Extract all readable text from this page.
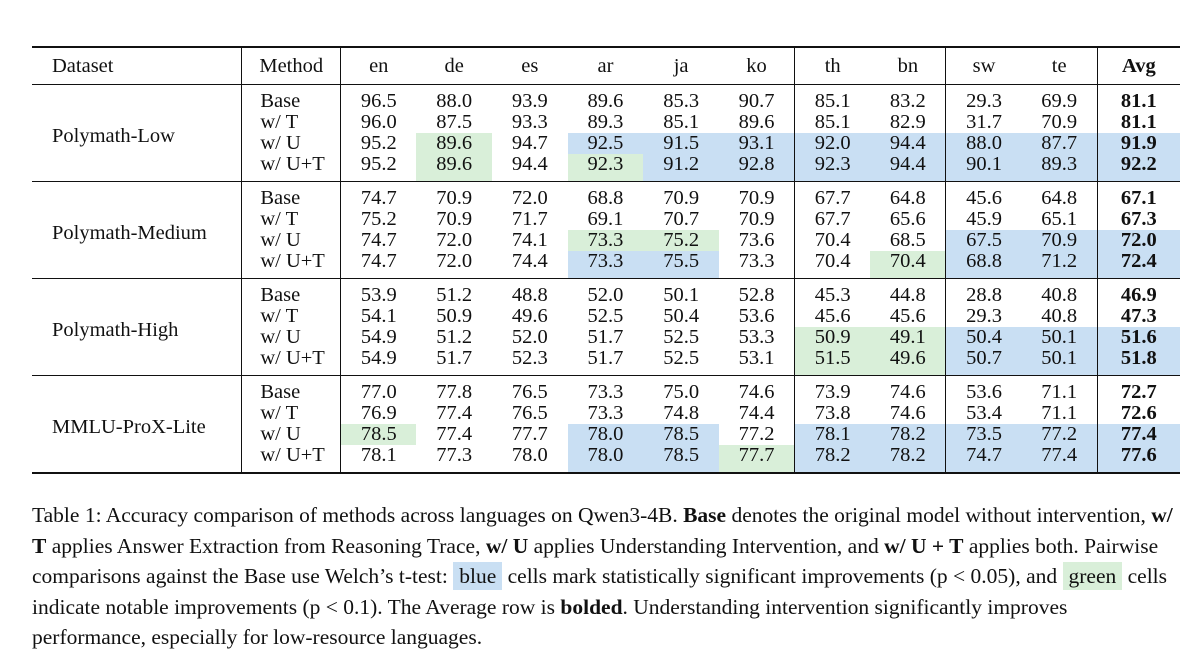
Dataset	Method	en	de	es	ar	ja	ko	th	bn	sw	te	Avg
Polymath-Low	Base	96.5	88.0	93.9	89.6	85.3	90.7	85.1	83.2	29.3	69.9	81.1
	w/ T	96.0	87.5	93.3	89.3	85.1	89.6	85.1	82.9	31.7	70.9	81.1
	w/ U	95.2	89.6	94.7	92.5	91.5	93.1	92.0	94.4	88.0	87.7	91.9
	w/ U+T	95.2	89.6	94.4	92.3	91.2	92.8	92.3	94.4	90.1	89.3	92.2
Polymath-Medium	Base	74.7	70.9	72.0	68.8	70.9	70.9	67.7	64.8	45.6	64.8	67.1
	w/ T	75.2	70.9	71.7	69.1	70.7	70.9	67.7	65.6	45.9	65.1	67.3
	w/ U	74.7	72.0	74.1	73.3	75.2	73.6	70.4	68.5	67.5	70.9	72.0
	w/ U+T	74.7	72.0	74.4	73.3	75.5	73.3	70.4	70.4	68.8	71.2	72.4
Polymath-High	Base	53.9	51.2	48.8	52.0	50.1	52.8	45.3	44.8	28.8	40.8	46.9
	w/ T	54.1	50.9	49.6	52.5	50.4	53.6	45.6	45.6	29.3	40.8	47.3
	w/ U	54.9	51.2	52.0	51.7	52.5	53.3	50.9	49.1	50.4	50.1	51.6
	w/ U+T	54.9	51.7	52.3	51.7	52.5	53.1	51.5	49.6	50.7	50.1	51.8
MMLU-ProX-Lite	Base	77.0	77.8	76.5	73.3	75.0	74.6	73.9	74.6	53.6	71.1	72.7
	w/ T	76.9	77.4	76.5	73.3	74.8	74.4	73.8	74.6	53.4	71.1	72.6
	w/ U	78.5	77.4	77.7	78.0	78.5	77.2	78.1	78.2	73.5	77.2	77.4
	w/ U+T	78.1	77.3	78.0	78.0	78.5	77.7	78.2	78.2	74.7	77.4	77.6
Table 1: Accuracy comparison of methods across languages on Qwen3-4B. Base denotes the original model without intervention, w/ T applies Answer Extraction from Reasoning Trace, w/ U applies Understanding Intervention, and w/ U + T applies both. Pairwise comparisons against the Base use Welch’s t-test: blue cells mark statistically significant improvements (p < 0.05), and green cells indicate notable improvements (p < 0.1). The Average row is bolded. Understanding intervention significantly improves performance, especially for low-resource languages.
